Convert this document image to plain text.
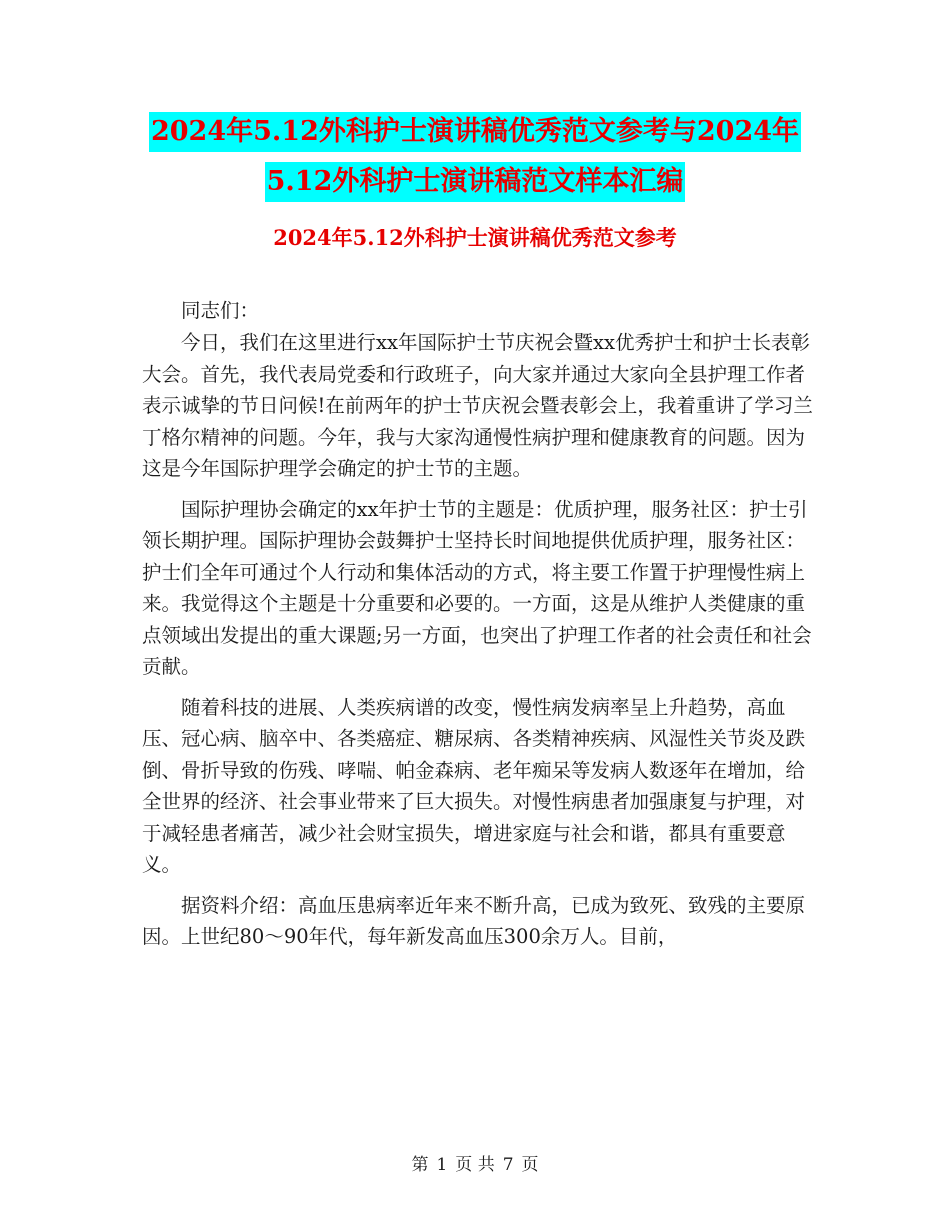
2024年5.12外科护士演讲稿优秀范文参考与2024年
5.12外科护士演讲稿范文样本汇编
2024年5.12外科护士演讲稿优秀范文参考
同志们：

今日，我们在这里进行xx年国际护士节庆祝会暨xx优秀护士和护士长表彰大会。首先，我代表局党委和行政班子，向大家并通过大家向全县护理工作者表示诚挚的节日问候!在前两年的护士节庆祝会暨表彰会上，我着重讲了学习兰丁格尔精神的问题。今年，我与大家沟通慢性病护理和健康教育的问题。因为这是今年国际护理学会确定的护士节的主题。

国际护理协会确定的xx年护士节的主题是：优质护理，服务社区：护士引领长期护理。国际护理协会鼓舞护士坚持长时间地提供优质护理，服务社区：护士们全年可通过个人行动和集体活动的方式，将主要工作置于护理慢性病上来。我觉得这个主题是十分重要和必要的。一方面，这是从维护人类健康的重点领域出发提出的重大课题;另一方面，也突出了护理工作者的社会责任和社会贡献。

随着科技的进展、人类疾病谱的改变，慢性病发病率呈上升趋势，高血压、冠心病、脑卒中、各类癌症、糖尿病、各类精神疾病、风湿性关节炎及跌倒、骨折导致的伤残、哮喘、帕金森病、老年痴呆等发病人数逐年在增加，给全世界的经济、社会事业带来了巨大损失。对慢性病患者加强康复与护理，对于减轻患者痛苦，减少社会财宝损失，增进家庭与社会和谐，都具有重要意义。

据资料介绍：高血压患病率近年来不断升高，已成为致死、致残的主要原因。上世纪80～90年代，每年新发高血压300余万人。目前，

第 1 页 共 7 页
